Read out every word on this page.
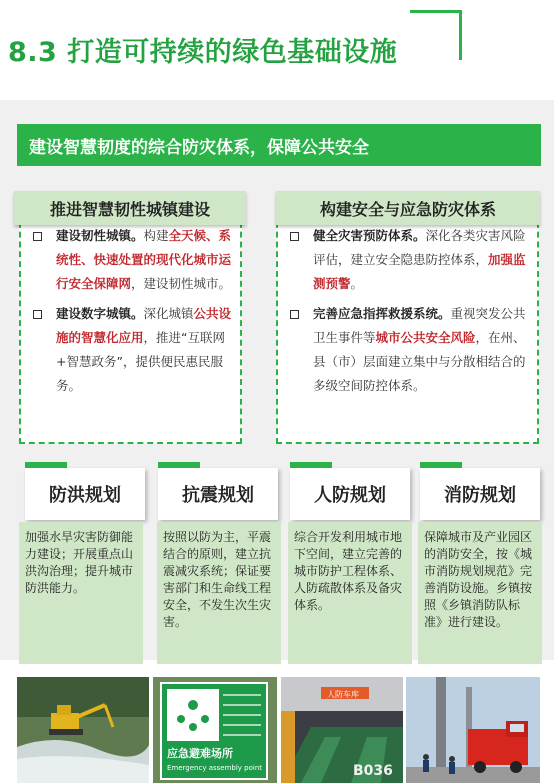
8.3 打造可持续的绿色基础设施
建设智慧韧度的综合防灾体系，保障公共安全
建设韧性城镇。构建全天候、系统性、快速处置的现代化城市运行安全保障网，建设韧性城市。
建设数字城镇。深化城镇公共设施的智慧化应用，推进“互联网+智慧政务”，提供便民惠民服务。
推进智慧韧性城镇建设
健全灾害预防体系。深化各类灾害风险评估，建立安全隐患防控体系，加强监测预警。
完善应急指挥救援系统。重视突发公共卫生事件等城市公共安全风险，在州、县（市）层面建立集中与分散相结合的多级空间防控体系。
构建安全与应急防灾体系
防洪规划
加强水旱灾害防御能力建设；开展重点山洪沟治理；提升城市防洪能力。
抗震规划
按照以防为主，平震结合的原则，建立抗震减灾系统；保证要害部门和生命线工程安全，不发生次生灾害。
人防规划
综合开发利用城市地下空间，建立完善的城市防护工程体系、人防疏散体系及备灾体系。
消防规划
保障城市及产业园区的消防安全，按《城市消防规划规范》完善消防设施。乡镇按照《乡镇消防队标准》进行建设。
应急避难场所
Emergency assembly point
人防车库
B036
